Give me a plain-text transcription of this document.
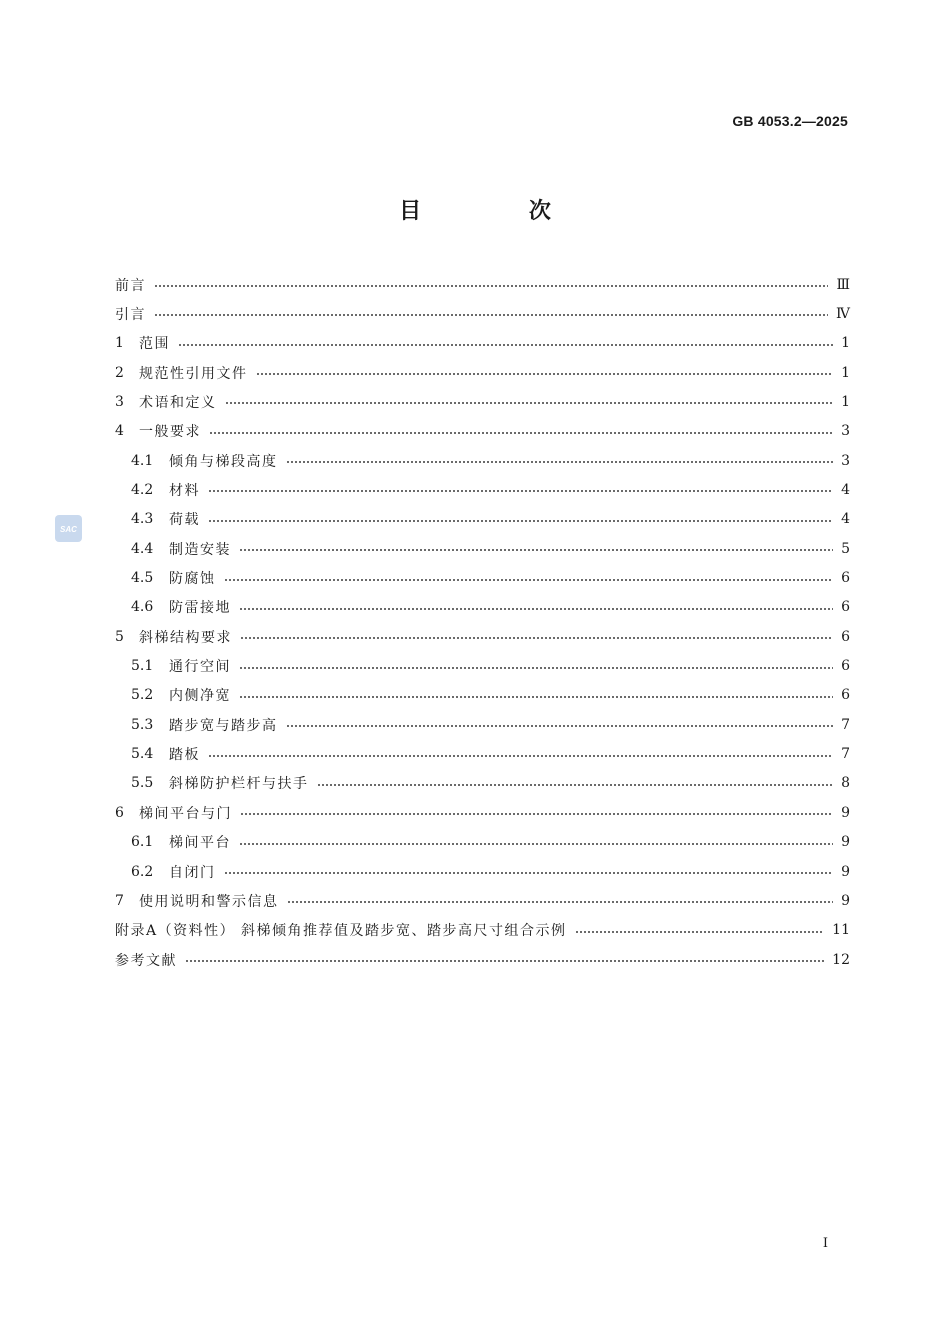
GB 4053.2—2025
目 次
SAC
前言	Ⅲ
引言	Ⅳ
1	范围	1
2	规范性引用文件	1
3	术语和定义	1
4	一般要求	3
4.1	倾角与梯段高度	3
4.2	材料	4
4.3	荷载	4
4.4	制造安装	5
4.5	防腐蚀	6
4.6	防雷接地	6
5	斜梯结构要求	6
5.1	通行空间	6
5.2	内侧净宽	6
5.3	踏步宽与踏步高	7
5.4	踏板	7
5.5	斜梯防护栏杆与扶手	8
6	梯间平台与门	9
6.1	梯间平台	9
6.2	自闭门	9
7	使用说明和警示信息	9
附录A（资料性） 斜梯倾角推荐值及踏步宽、踏步高尺寸组合示例	11
参考文献	12
Ⅰ
